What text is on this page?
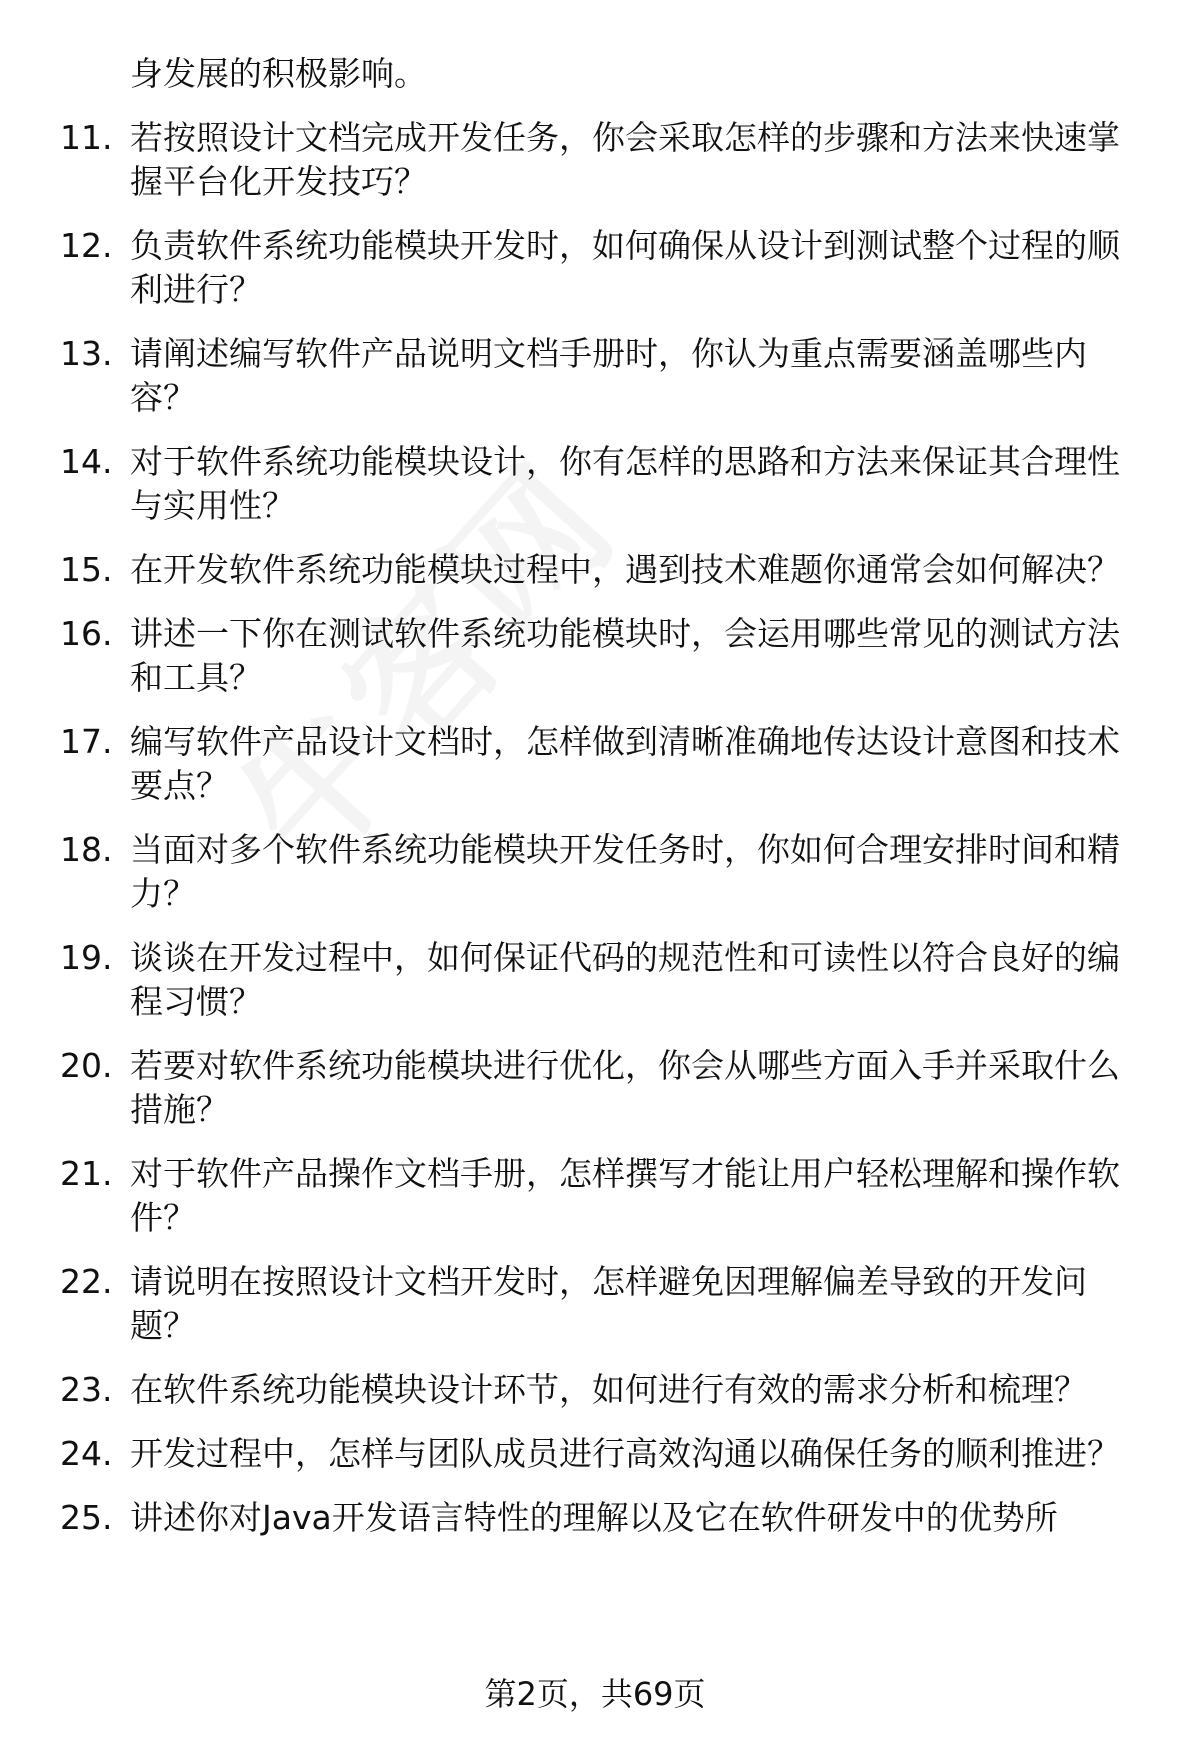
身发展的积极影响。
11. 若按照设计文档完成开发任务，你会采取怎样的步骤和方法来快速掌握平台化开发技巧？
12. 负责软件系统功能模块开发时，如何确保从设计到测试整个过程的顺利进行？
13. 请阐述编写软件产品说明文档手册时，你认为重点需要涵盖哪些内容？
14. 对于软件系统功能模块设计，你有怎样的思路和方法来保证其合理性与实用性？
15. 在开发软件系统功能模块过程中，遇到技术难题你通常会如何解决？
16. 讲述一下你在测试软件系统功能模块时，会运用哪些常见的测试方法和工具？
17. 编写软件产品设计文档时，怎样做到清晰准确地传达设计意图和技术要点？
18. 当面对多个软件系统功能模块开发任务时，你如何合理安排时间和精力？
19. 谈谈在开发过程中，如何保证代码的规范性和可读性以符合良好的编程习惯？
20. 若要对软件系统功能模块进行优化，你会从哪些方面入手并采取什么措施？
21. 对于软件产品操作文档手册，怎样撰写才能让用户轻松理解和操作软件？
22. 请说明在按照设计文档开发时，怎样避免因理解偏差导致的开发问题？
23. 在软件系统功能模块设计环节，如何进行有效的需求分析和梳理？
24. 开发过程中，怎样与团队成员进行高效沟通以确保任务的顺利推进？
25. 讲述你对Java开发语言特性的理解以及它在软件研发中的优势所
第2页，共69页
